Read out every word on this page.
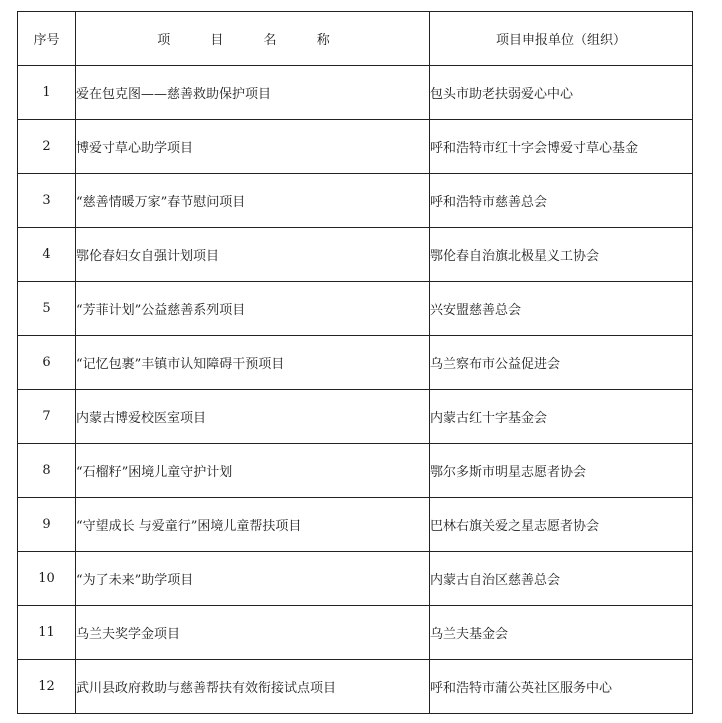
序号	项 目 名 称	项目申报单位（组织）
1	爱在包克图——慈善救助保护项目	包头市助老扶弱爱心中心
2	博爱寸草心助学项目	呼和浩特市红十字会博爱寸草心基金
3	“慈善情暖万家”春节慰问项目	呼和浩特市慈善总会
4	鄂伦春妇女自强计划项目	鄂伦春自治旗北极星义工协会
5	“芳菲计划”公益慈善系列项目	兴安盟慈善总会
6	“记忆包裹”丰镇市认知障碍干预项目	乌兰察布市公益促进会
7	内蒙古博爱校医室项目	内蒙古红十字基金会
8	“石榴籽”困境儿童守护计划	鄂尔多斯市明星志愿者协会
9	“守望成长 与爱童行”困境儿童帮扶项目	巴林右旗关爱之星志愿者协会
10	“为了未来”助学项目	内蒙古自治区慈善总会
11	乌兰夫奖学金项目	乌兰夫基金会
12	武川县政府救助与慈善帮扶有效衔接试点项目	呼和浩特市蒲公英社区服务中心
